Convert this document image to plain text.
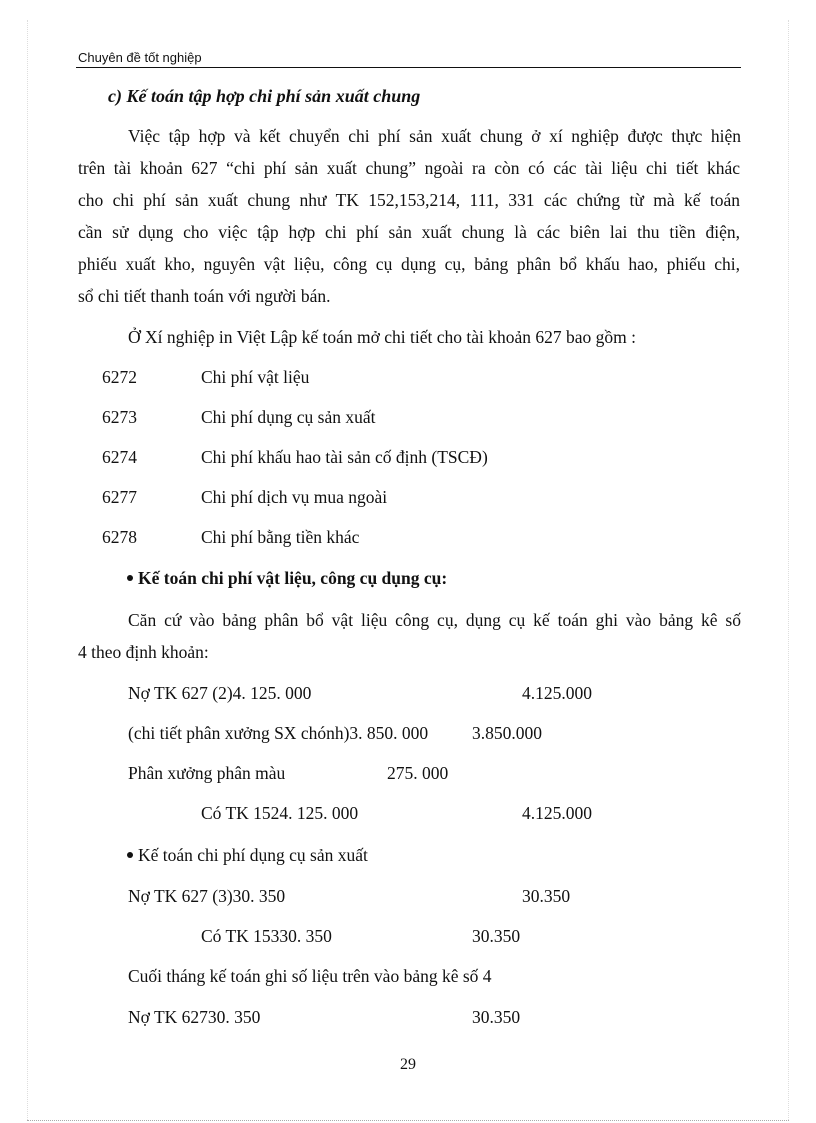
Chuyên đề tốt nghiệp
c) Kế toán tập hợp chi phí sản xuất chung
Việc tập hợp và kết chuyển chi phí sản xuất chung ở xí nghiệp được thực hiện
trên tài khoản 627 “chi phí sản xuất chung” ngoài ra còn có các tài liệu chi tiết khác
cho chi phí sản xuất chung như TK 152,153,214, 111, 331 các chứng từ mà kế toán
cần sử dụng cho việc tập hợp chi phí sản xuất chung là các biên lai thu tiền điện,
phiếu xuất kho, nguyên vật liệu, công cụ dụng cụ, bảng phân bổ khấu hao, phiếu chi,
sổ chi tiết thanh toán với người bán.
Ở Xí nghiệp in Việt Lập kế toán mở chi tiết cho tài khoản 627 bao gồm :
6272	Chi phí vật liệu
6273	Chi phí dụng cụ sản xuất
6274	Chi phí khấu hao tài sản cố định (TSCĐ)
6277	Chi phí dịch vụ mua ngoài
6278	Chi phí bằng tiền khác
Kế toán chi phí vật liệu, công cụ dụng cụ:
Căn cứ vào bảng phân bổ vật liệu công cụ, dụng cụ kế toán ghi vào bảng kê số
4 theo định khoản:
Nợ TK 627 (2)4. 125. 000	4.125.000
(chi tiết phân xưởng SX chónh)3. 850. 000	3.850.000
Phân xưởng phân màu	275. 000
Có TK 1524. 125. 000	4.125.000
Kế toán chi phí dụng cụ sản xuất
Nợ TK 627 (3)30. 350	30.350
Có TK 15330. 350	30.350
Cuối tháng kế toán ghi số liệu trên vào bảng kê số 4
Nợ TK 62730. 350	30.350
29
